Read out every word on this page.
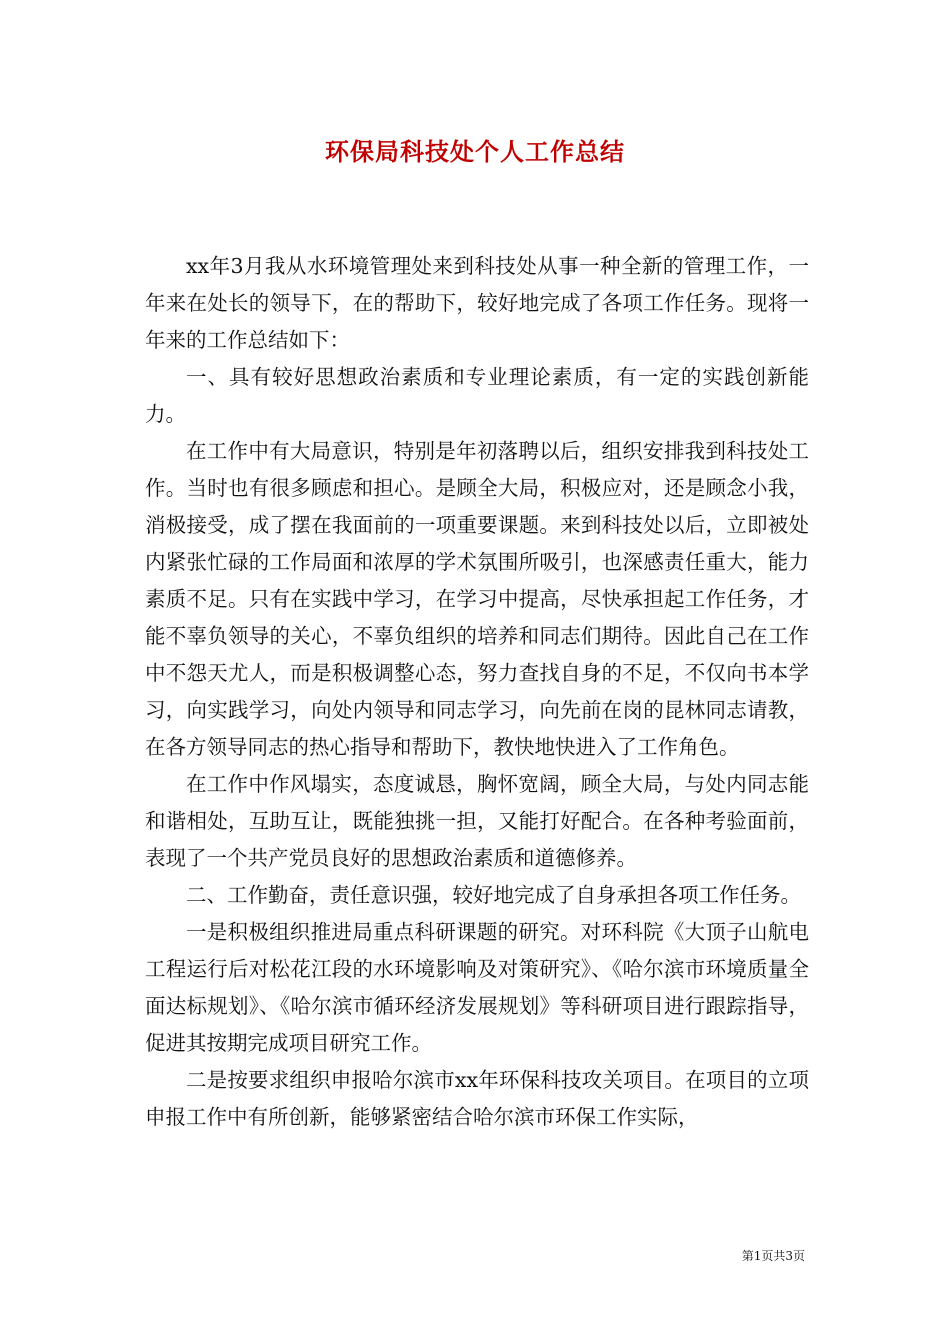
环保局科技处个人工作总结

xx年3月我从水环境管理处来到科技处从事一种全新的管理工作，一年来在处长的领导下，在的帮助下，较好地完成了各项工作任务。现将一年来的工作总结如下：

一、具有较好思想政治素质和专业理论素质，有一定的实践创新能力。

在工作中有大局意识，特别是年初落聘以后，组织安排我到科技处工作。当时也有很多顾虑和担心。是顾全大局，积极应对，还是顾念小我，消极接受，成了摆在我面前的一项重要课题。来到科技处以后，立即被处内紧张忙碌的工作局面和浓厚的学术氛围所吸引，也深感责任重大，能力素质不足。只有在实践中学习，在学习中提高，尽快承担起工作任务，才能不辜负领导的关心，不辜负组织的培养和同志们期待。因此自己在工作中不怨天尤人，而是积极调整心态，努力查找自身的不足，不仅向书本学习，向实践学习，向处内领导和同志学习，向先前在岗的昆林同志请教，在各方领导同志的热心指导和帮助下，教快地快进入了工作角色。

在工作中作风塌实，态度诚恳，胸怀宽阔，顾全大局，与处内同志能和谐相处，互助互让，既能独挑一担，又能打好配合。在各种考验面前，表现了一个共产党员良好的思想政治素质和道德修养。

二、工作勤奋，责任意识强，较好地完成了自身承担各项工作任务。

一是积极组织推进局重点科研课题的研究。对环科院《大顶子山航电工程运行后对松花江段的水环境影响及对策研究》、《哈尔滨市环境质量全面达标规划》、《哈尔滨市循环经济发展规划》等科研项目进行跟踪指导，促进其按期完成项目研究工作。

二是按要求组织申报哈尔滨市xx年环保科技攻关项目。在项目的立项申报工作中有所创新，能够紧密结合哈尔滨市环保工作实际，

第1页共3页
